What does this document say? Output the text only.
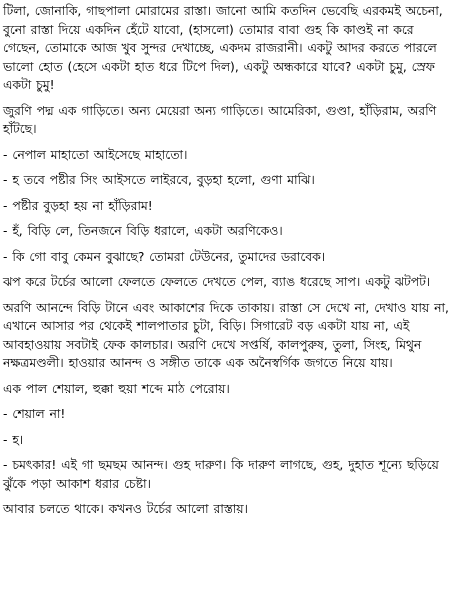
টিলা, জোনাকি, গাছপালা মোরামের রাস্তা। জানো আমি কতদিন ভেবেছি এরকমই অচেনা, বুনো রাস্তা দিয়ে একদিন হেঁটে যাবো, (হাসলো) তোমার বাবা গুহ কি কাণ্ডই না করে গেছেন, তোমাকে আজ খুব সুন্দর দেখাচ্ছে, একদম রাজরানী। একটু আদর করতে পারলে ভালো হোত (হেসে একটা হাত ধরে টিপে দিল), একটু অন্ধকারে যাবে? একটা চুমু, স্রেফ একটা চুমু!

জুরণি পদ্ম এক গাড়িতে। অন্য মেয়েরা অন্য গাড়িতে। আমেরিকা, গুণ্ডা, হাঁড়িরাম, অরণি হাঁটছে।

- নেপাল মাহাতো আইসেছে মাহাতো।

- হ তবে পষ্টীর সিং আইসতে লাইরবে, বুড়হা হলো, গুণা মাঝি।

- পষ্টীর বুড়হা হয় না হাঁড়িরাম!

- হঁ, বিড়ি লে, তিনজনে বিড়ি ধরালে, একটা অরণিকেও।

- কি গো বাবু কেমন বুঝাছে? তোমরা টেউনের, তুমাদের ডরাবেক।

ঝপ করে টর্চের আলো ফেলতে ফেলতে দেখতে পেল, ব্যাঙ ধরেছে সাপ। একটু ঝটপট।

অরণি আনন্দে বিড়ি টানে এবং আকাশের দিকে তাকায়। রাস্তা সে দেখে না, দেখাও যায় না, এখানে আসার পর থেকেই শালপাতার চুটা, বিড়ি। সিগারেট বড় একটা যায় না, এই আবহাওয়ায় সবটাই ফেক কালচার। অরণি দেখে সপ্তর্ষি, কালপুরুষ, তুলা, সিংহ, মিথুন নক্ষত্রমণ্ডলী। হাওয়ার আনন্দ ও সঙ্গীত তাকে এক অনৈস্বর্গিক জগতে নিয়ে যায়।

এক পাল শেয়াল, হুক্কা হুয়া শব্দে মাঠ পেরোয়।

- শেয়াল না!

- হ।

- চমৎকার! এই গা ছমছম আনন্দ। গুহ দারুণ। কি দারুণ লাগছে, গুহ, দুহাত শূন্যে ছড়িয়ে ঝুঁকে পড়া আকাশ ধরার চেষ্টা।

আবার চলতে থাকে। কখনও টর্চের আলো রাস্তায়।
